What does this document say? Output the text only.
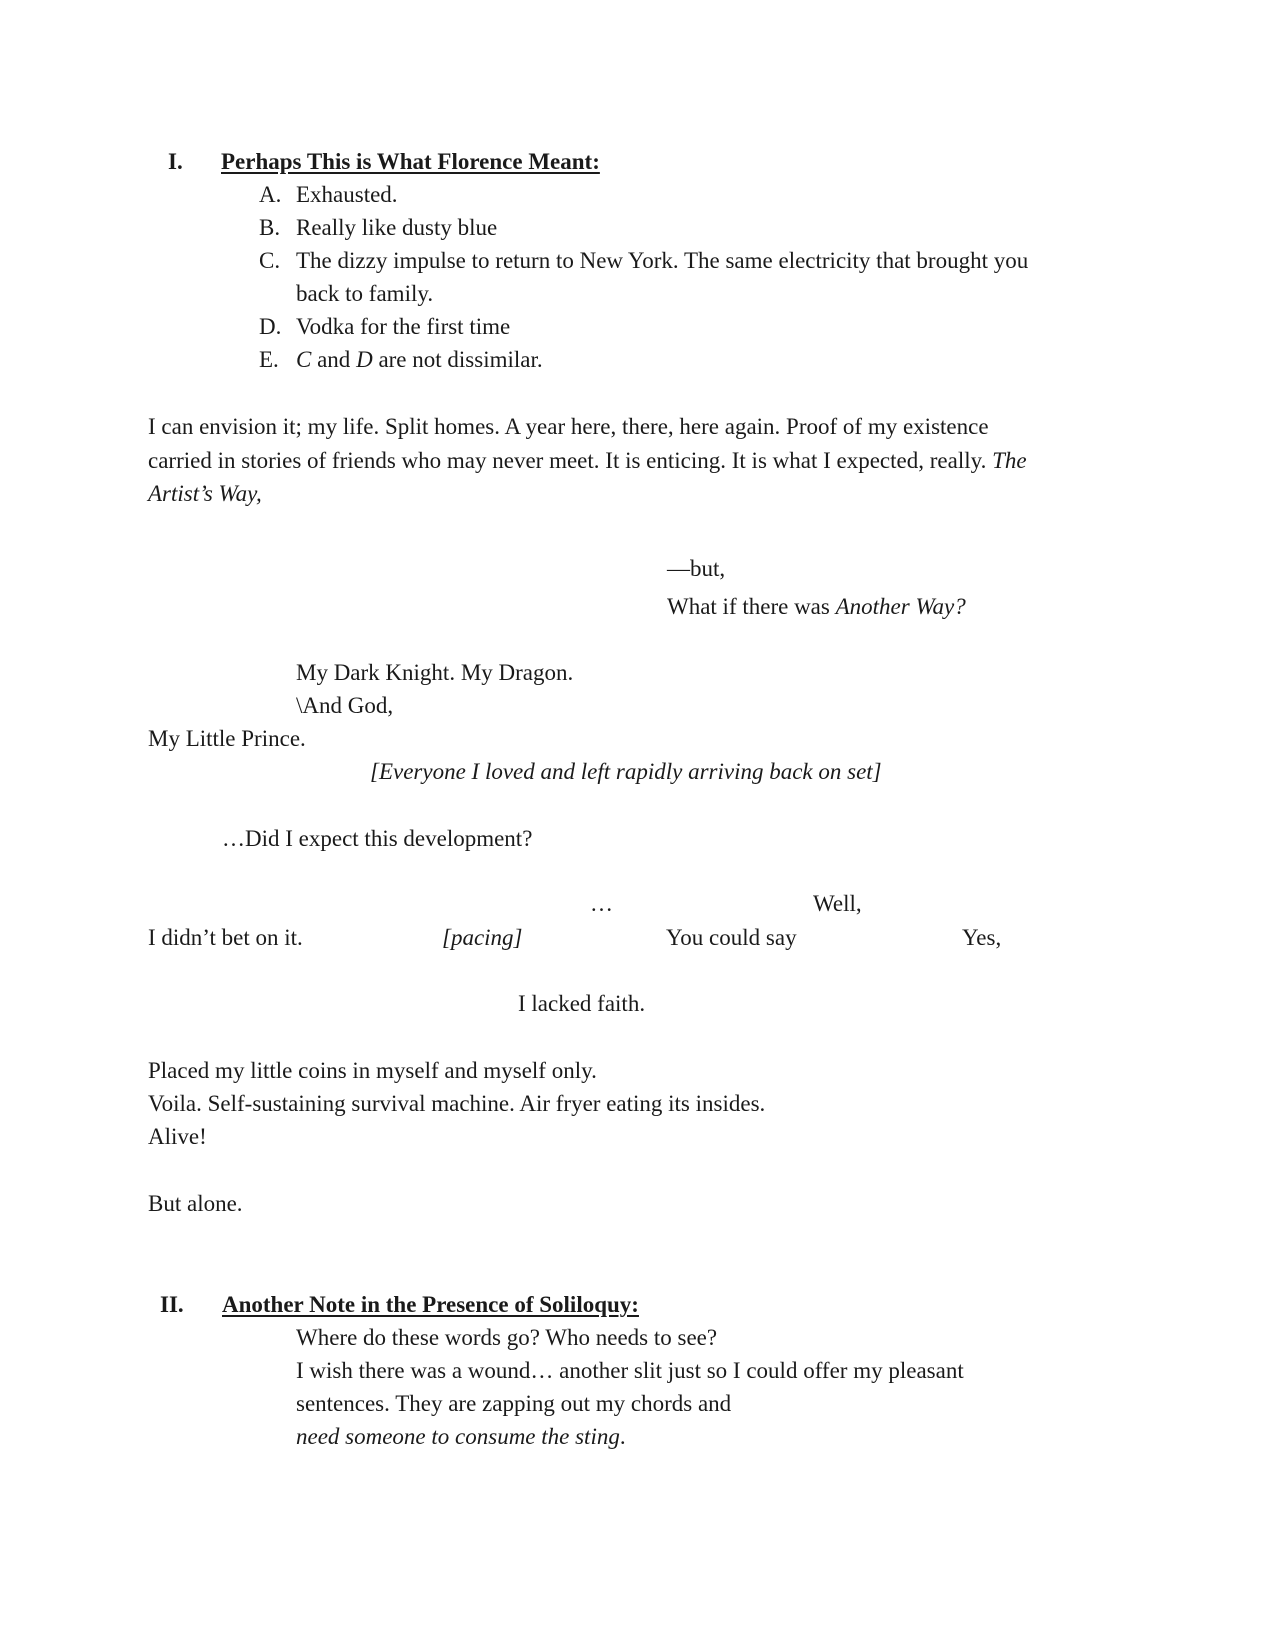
I. Perhaps This is What Florence Meant:
A. Exhausted.
B. Really like dusty blue
C. The dizzy impulse to return to New York. The same electricity that brought you
back to family.
D. Vodka for the first time
E. C and D are not dissimilar.
I can envision it; my life. Split homes. A year here, there, here again. Proof of my existence
carried in stories of friends who may never meet. It is enticing. It is what I expected, really. The
Artist’s Way,
—but,
What if there was Another Way?
My Dark Knight. My Dragon.
\And God,
My Little Prince.
[Everyone I loved and left rapidly arriving back on set]
…Did I expect this development?
…	Well,
I didn’t bet on it.	[pacing]	You could say	Yes,
I lacked faith.
Placed my little coins in myself and myself only.
Voila. Self-sustaining survival machine. Air fryer eating its insides.
Alive!
But alone.
II. Another Note in the Presence of Soliloquy:
Where do these words go? Who needs to see?
I wish there was a wound… another slit just so I could offer my pleasant
sentences. They are zapping out my chords and
need someone to consume the sting.
